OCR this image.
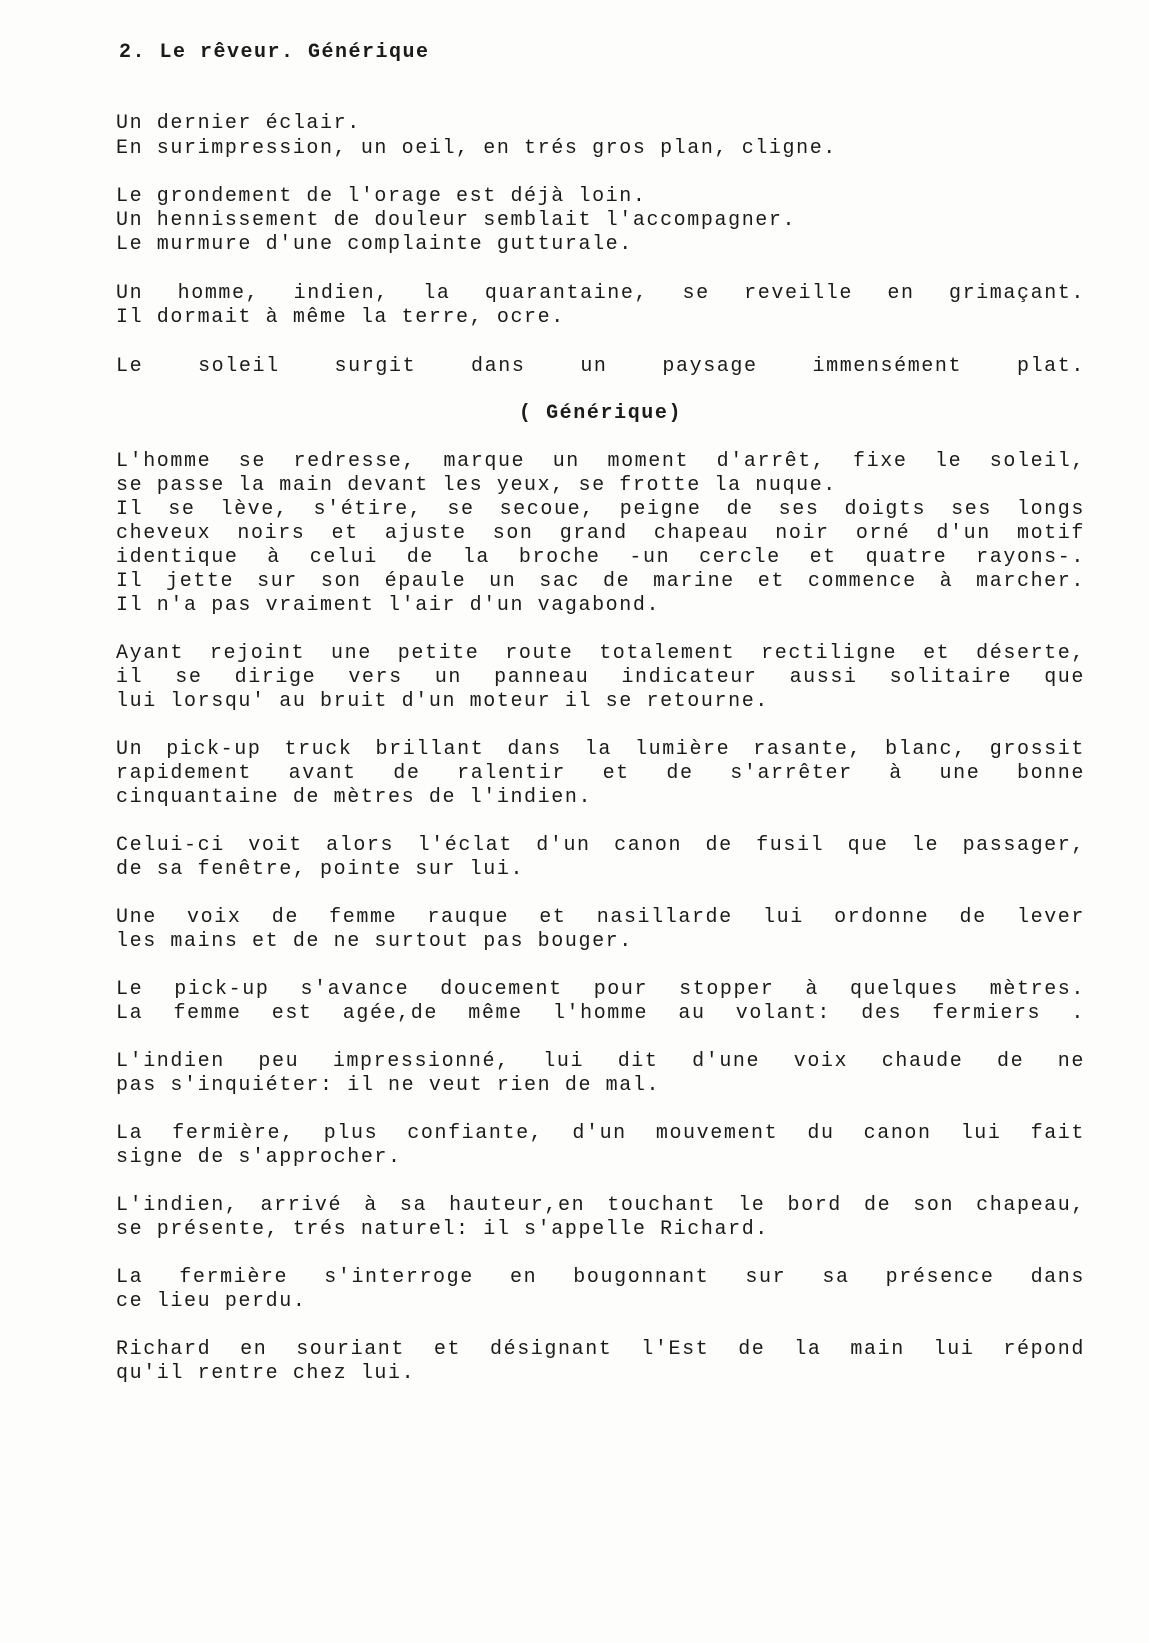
2. Le rêveur. Générique

Un dernier éclair.

En surimpression, un oeil, en trés gros plan, cligne.

Le grondement de l'orage est déjà loin.

Un hennissement de douleur semblait l'accompagner.

Le murmure d'une complainte gutturale.

Un homme, indien, la quarantaine, se reveille en grimaçant.

Il dormait à même la terre, ocre.

Le soleil surgit dans un paysage immensément plat.

( Générique)

L'homme se redresse, marque un moment d'arrêt, fixe le soleil,

se passe la main devant les yeux, se frotte la nuque.

Il se lève, s'étire, se secoue, peigne de ses doigts ses longs

cheveux noirs et ajuste son grand chapeau noir orné d'un motif

identique à celui de la broche -un cercle et quatre rayons-.

Il jette sur son épaule un sac de marine et commence à marcher.

Il n'a pas vraiment l'air d'un vagabond.

Ayant rejoint une petite route totalement rectiligne et déserte,

il se dirige vers un panneau indicateur aussi solitaire que

lui lorsqu' au bruit d'un moteur il se retourne.

Un pick-up truck brillant dans la lumière rasante, blanc, grossit

rapidement avant de ralentir et de s'arrêter à une bonne

cinquantaine de mètres de l'indien.

Celui-ci voit alors l'éclat d'un canon de fusil que le passager,

de sa fenêtre, pointe sur lui.

Une voix de femme rauque et nasillarde lui ordonne de lever

les mains et de ne surtout pas bouger.

Le pick-up s'avance doucement pour stopper à quelques mètres.

La femme est agée,de même l'homme au volant: des fermiers .

L'indien peu impressionné, lui dit d'une voix chaude de ne

pas s'inquiéter: il ne veut rien de mal.

La fermière, plus confiante, d'un mouvement du canon lui fait

signe de s'approcher.

L'indien, arrivé à sa hauteur,en touchant le bord de son chapeau,

se présente, trés naturel: il s'appelle Richard.

La fermière s'interroge en bougonnant sur sa présence dans

ce lieu perdu.

Richard en souriant et désignant l'Est de la main lui répond

qu'il rentre chez lui.
